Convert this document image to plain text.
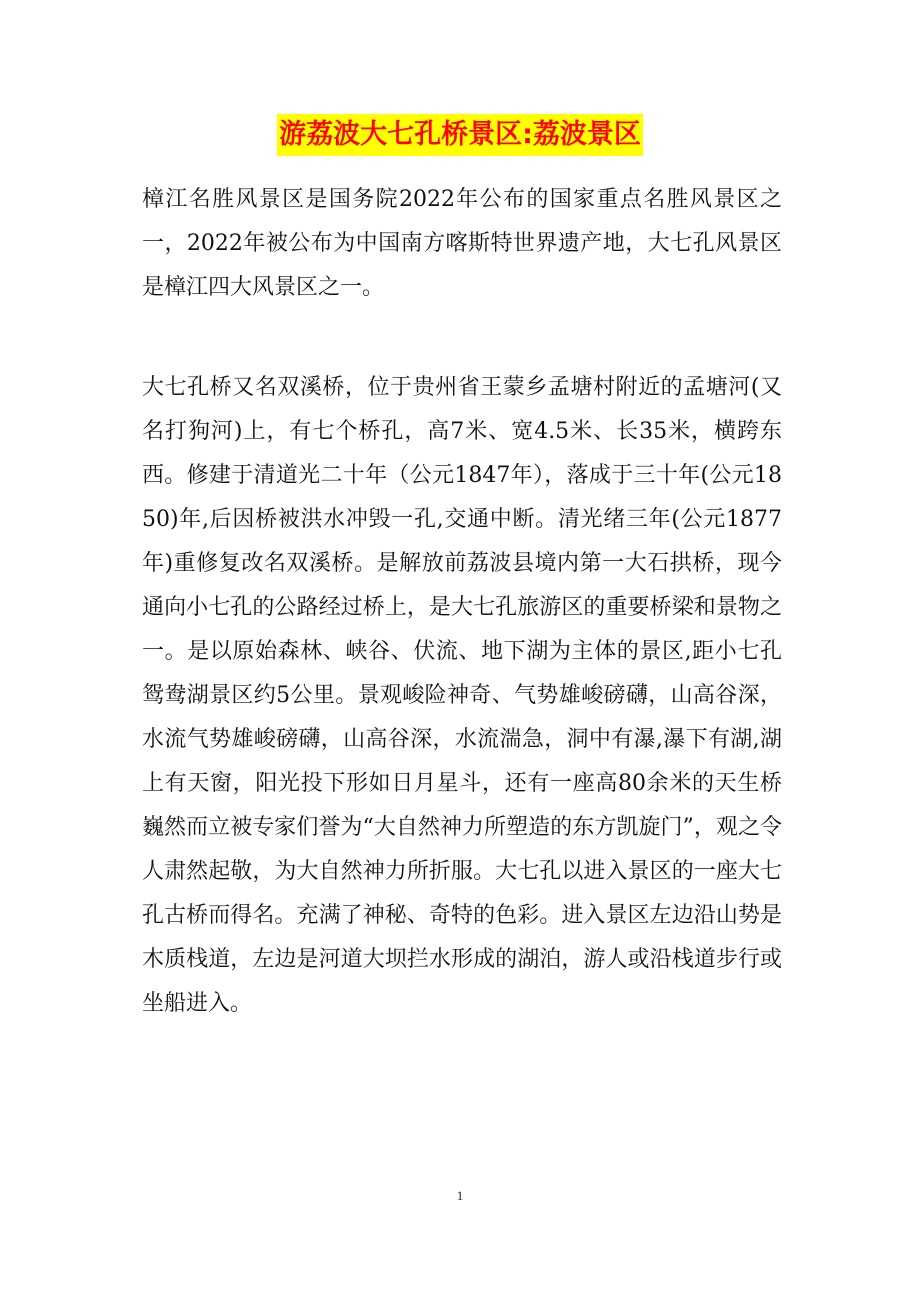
游荔波大七孔桥景区:荔波景区

樟江名胜风景区是国务院2022年公布的国家重点名胜风景区之一，2022年被公布为中国南方喀斯特世界遗产地，大七孔风景区是樟江四大风景区之一。

大七孔桥又名双溪桥，位于贵州省王蒙乡孟塘村附近的孟塘河(又名打狗河)上，有七个桥孔，高7米、宽4.5米、长35米，横跨东西。修建于清道光二十年（公元1847年），落成于三十年(公元1850)年,后因桥被洪水冲毁一孔,交通中断。清光绪三年(公元1877年)重修复改名双溪桥。是解放前荔波县境内第一大石拱桥，现今通向小七孔的公路经过桥上，是大七孔旅游区的重要桥梁和景物之一。是以原始森林、峡谷、伏流、地下湖为主体的景区,距小七孔鸳鸯湖景区约5公里。景观峻险神奇、气势雄峻磅礴，山高谷深，水流气势雄峻磅礴，山高谷深，水流湍急，洞中有瀑,瀑下有湖,湖上有天窗，阳光投下形如日月星斗，还有一座高80余米的天生桥巍然而立被专家们誉为“大自然神力所塑造的东方凯旋门”，观之令人肃然起敬，为大自然神力所折服。大七孔以进入景区的一座大七孔古桥而得名。充满了神秘、奇特的色彩。进入景区左边沿山势是木质栈道，左边是河道大坝拦水形成的湖泊，游人或沿栈道步行或坐船进入。

1
